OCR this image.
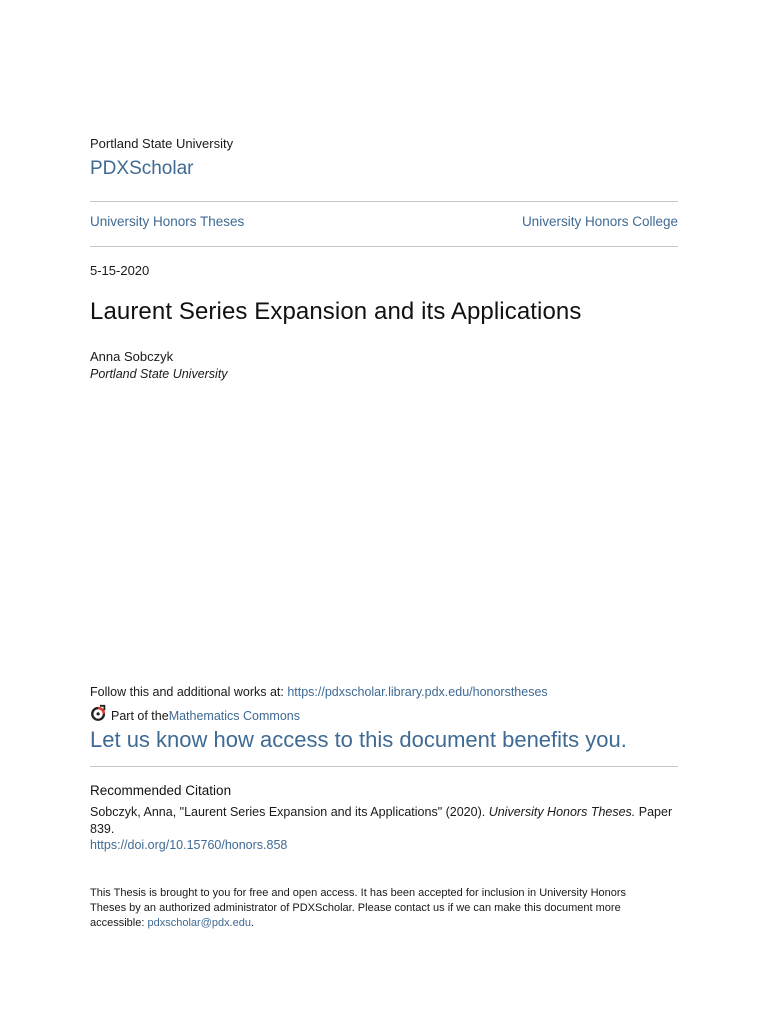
Portland State University
PDXScholar
University Honors Theses	University Honors College
5-15-2020
Laurent Series Expansion and its Applications
Anna Sobczyk
Portland State University
Follow this and additional works at: https://pdxscholar.library.pdx.edu/honorstheses
Part of the Mathematics Commons
Let us know how access to this document benefits you.
Recommended Citation
Sobczyk, Anna, "Laurent Series Expansion and its Applications" (2020). University Honors Theses. Paper 839.
https://doi.org/10.15760/honors.858
This Thesis is brought to you for free and open access. It has been accepted for inclusion in University Honors Theses by an authorized administrator of PDXScholar. Please contact us if we can make this document more accessible: pdxscholar@pdx.edu.
